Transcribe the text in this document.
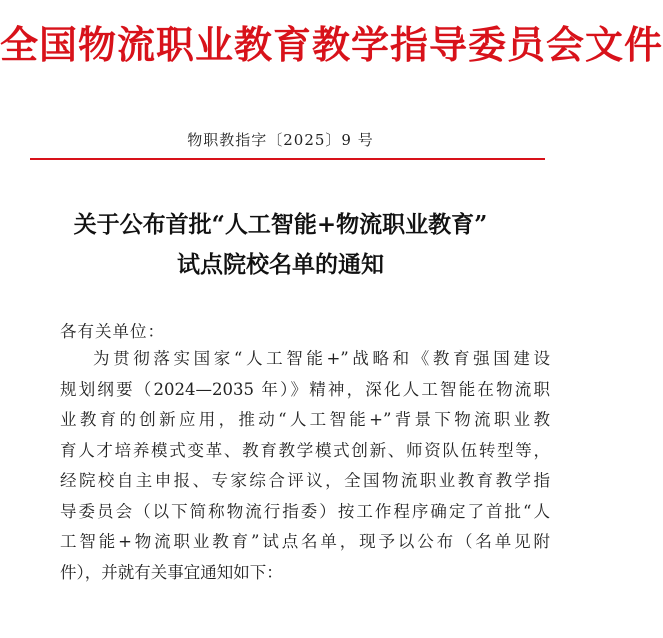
全国物流职业教育教学指导委员会文件
物职教指字〔2025〕9 号
关于公布首批“人工智能+物流职业教育”
试点院校名单的通知
各有关单位：
为贯彻落实国家“人工智能+”战略和《教育强国建设
规划纲要（2024—2035 年）》精神，深化人工智能在物流职
业教育的创新应用，推动“人工智能+”背景下物流职业教
育人才培养模式变革、教育教学模式创新、师资队伍转型等，
经院校自主申报、专家综合评议，全国物流职业教育教学指
导委员会（以下简称物流行指委）按工作程序确定了首批“人
工智能+物流职业教育”试点名单，现予以公布（名单见附
件），并就有关事宜通知如下：
